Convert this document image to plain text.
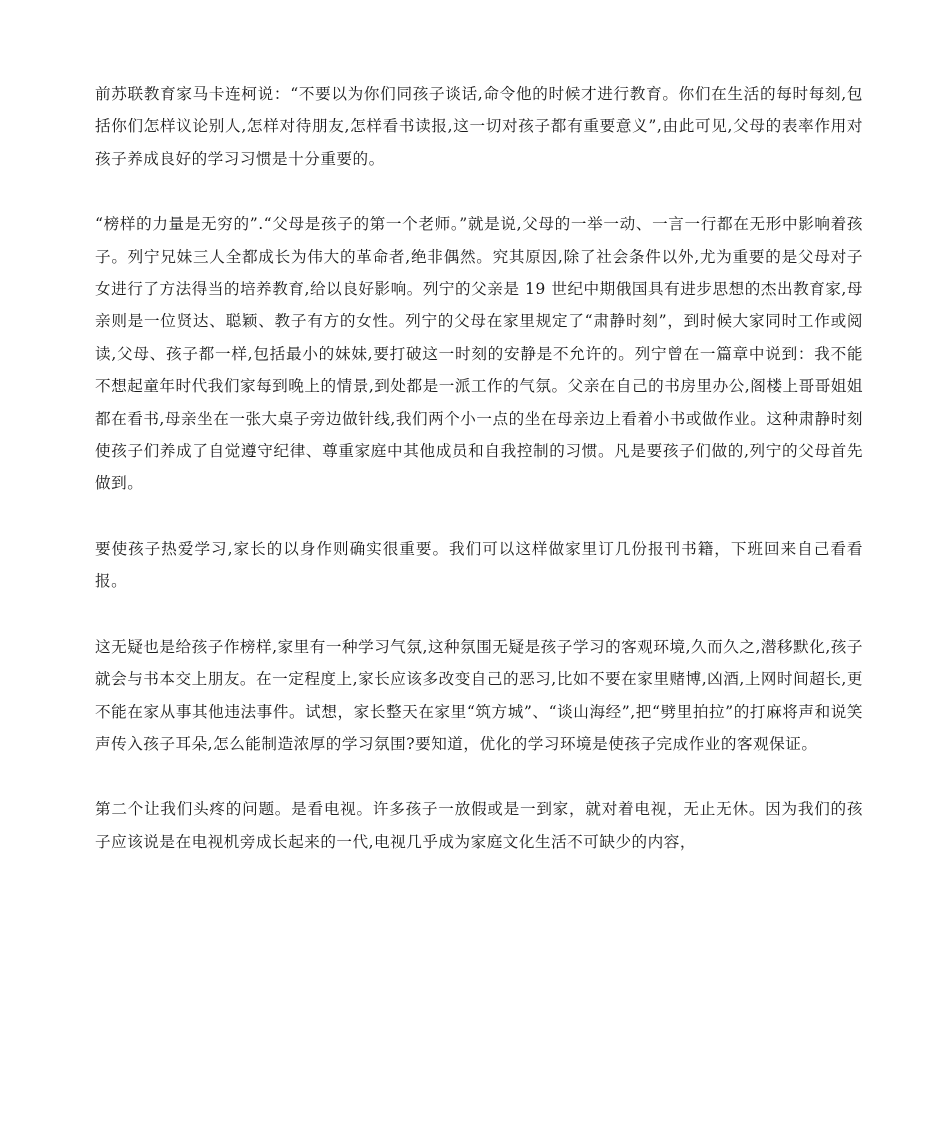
前苏联教育家马卡连柯说：“不要以为你们同孩子谈话,命令他的时候才进行教育。你们在生活的每时每刻,包括你们怎样议论别人,怎样对待朋友,怎样看书读报,这一切对孩子都有重要意义”,由此可见,父母的表率作用对孩子养成良好的学习习惯是十分重要的。

“榜样的力量是无穷的”.“父母是孩子的第一个老师。”就是说,父母的一举一动、一言一行都在无形中影响着孩子。列宁兄妹三人全都成长为伟大的革命者,绝非偶然。究其原因,除了社会条件以外,尤为重要的是父母对子女进行了方法得当的培养教育,给以良好影响。列宁的父亲是 19 世纪中期俄国具有进步思想的杰出教育家,母亲则是一位贤达、聪颖、教子有方的女性。列宁的父母在家里规定了“肃静时刻”，到时候大家同时工作或阅读,父母、孩子都一样,包括最小的妹妹,要打破这一时刻的安静是不允许的。列宁曾在一篇章中说到：我不能不想起童年时代我们家每到晚上的情景,到处都是一派工作的气氛。父亲在自己的书房里办公,阁楼上哥哥姐姐都在看书,母亲坐在一张大桌子旁边做针线,我们两个小一点的坐在母亲边上看着小书或做作业。这种肃静时刻使孩子们养成了自觉遵守纪律、尊重家庭中其他成员和自我控制的习惯。凡是要孩子们做的,列宁的父母首先做到。

要使孩子热爱学习,家长的以身作则确实很重要。我们可以这样做家里订几份报刊书籍，下班回来自己看看报。

这无疑也是给孩子作榜样,家里有一种学习气氛,这种氛围无疑是孩子学习的客观环境,久而久之,潜移默化,孩子就会与书本交上朋友。在一定程度上,家长应该多改变自己的恶习,比如不要在家里赌博,凶酒,上网时间超长,更不能在家从事其他违法事件。试想，家长整天在家里“筑方城”、“谈山海经”,把“劈里拍拉”的打麻将声和说笑声传入孩子耳朵,怎么能制造浓厚的学习氛围?要知道，优化的学习环境是使孩子完成作业的客观保证。

第二个让我们头疼的问题。是看电视。许多孩子一放假或是一到家，就对着电视，无止无休。因为我们的孩子应该说是在电视机旁成长起来的一代,电视几乎成为家庭文化生活不可缺少的内容，
